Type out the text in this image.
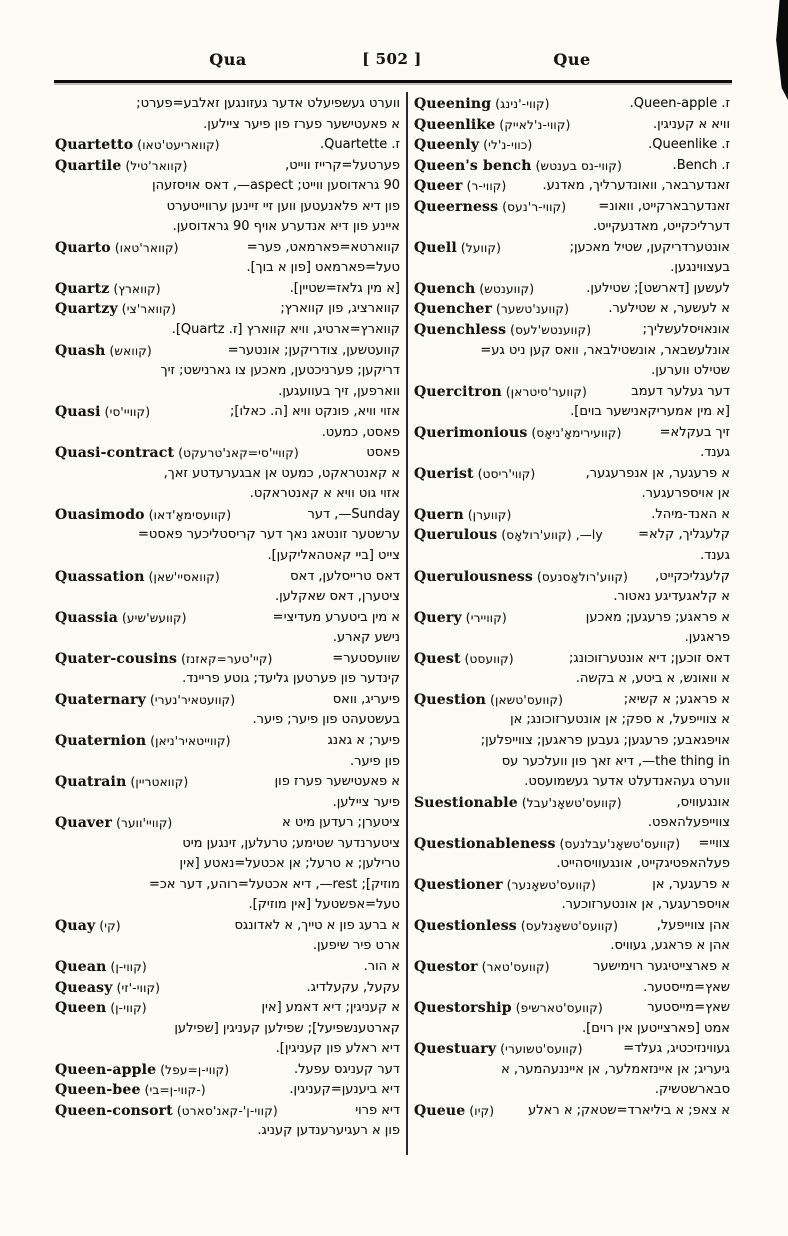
Qua	[ 502 ]	Que
ווערט געשפיעלט אדער געזונגען זאלבע=פערט;
א פאעטישער פערז פון פיער ציילען.
Quartetto (קוואריעט'טאו)	ז. Quartette.
Quartile (קוואר'טיל)	פערטעל=קרייז ווייט,
90 גראדוסען ווייט; ‎—aspect, דאס אויסזעהן
פון דיא פלאנעטען ווען זיי זיינען ערווייטערט
איינע פון דיא אנדערע אויף 90 גראדוסען.
Quarto (קוואר'טאו)	קווארטא=פארמאט, פער=
טעל=פארמאט [פון א בוך].
Quartz (קווארץ)	[א מין גלאז=שטיין].
Quartzy (קוואר'צי)	קווארציג, פון קווארץ;
קווארץ=ארטיג, וויא קווארץ [ז. Quartz].
Quash (קוואש)	קוועטשען, צודריקען; אונטער=
דריקען; פערניכטען, מאכען צו גארנישט; זיך
ווארפען, זיך בעוועגען.
Quasi (קוויי'סי)	אזוי וויא, פונקט וויא [ה. כאלו];
פאסט, כמעט.
Quasi-contract (קוויי'סי=קאנ'טרעקט)	פאסט
א קאנטראקט, כמעט אן אבגערעדטע זאך,
אזוי גוט וויא א קאנטראקט.
Ouasimodo (קוועסימאָ'דאו)	‎—Sunday, דער
ערשטער זונטאג נאך דער קריסטליכער פאסט=
צייט [ביי קאטהאליקען].
Quassation (קוואסיי'שאן)	דאס טרייסלען, דאס
ציטערן, דאס שאקלען.
Quassia (קוועש'שיע)	א מין ביטערע מעדיצי=
נישע קארע.
Quater-cousins (קיי'טער=קאזנז)	שוועסטער=
קינדער פון פערטען גליעד; גוטע פריינד.
Quaternary (קוועטאיר'נערי)	פיעריג, וואס
בעשטעהט פון פיער; פיער.
Quaternion (קווייטאיר'ניאן)	פיער; א גאנג
פון פיער.
Quatrain (קוואטריין)	א פאעטישער פערז פון
פיער ציילען.
Quaver (קוויי'ווער)	ציטערן; רעדען מיט א
ציטערנדער שטימע; טרעלען, זינגען מיט
טרילען; א טרעל; אן אכטעל=נאטע [אין
מוזיק]; ‎—rest, דיא אכטעל=רוהע, דער אכ=
טעל=אפשטעל [אין מוזיק].
Quay (קי)	א ברעג פון א טייך, א לאדונגס
ארט פיר שיפען.
Quean (קווי-ן)	א הור.
Queasy (קווי-'זי)	עקעל, עקעלדיג.
Queen (קווי-ן)	א קעניגין; דיא דאמע [אין
קארטענשפיעל]; שפילען קעניגין [שפילען
דיא ראלע פון קעניגין].
Queen-apple (קווי-ן=עפל)	דער קעניגס עפעל.
Queen-bee (קווי-ן=בי-)	דיא ביענען=קעניגין.
Queen-consort (קווי-ן'-קאנ'סארט)	דיא פרוי
פון א רעגיערענדען קעניג.
Queening (קווי-'נינג)	ז. Queen-apple.
Queenlike (קווי-נ'לאייק)	וויא א קעניגין.
Queenly (כווי-נ'לי)	ז. Queenlike.
Queen's bench (קווי-נס בענטש)	ז. Bench.
Queer (קווי-ר)	זאנדערבאר, וואונדערליך, מאדנע.
Queerness (קווי-ר'נעס)	זאנדערבארקייט, וואונ=
דערליכקייט, מאדנעקייט.
Quell (קוועל)	אונטערדריקען, שטיל מאכען;
בעצווינגען.
Quench (קווענטש)	לעשען [דארשט]; שטילען.
Quencher (קווענ'טשער)	א לעשער, א שטילער.
Quenchless (קווענטש'לעס)	אונאויסלעשליך;
אונלעשבאר, אונשטילבאר, וואס קען ניט גע=
שטילט ווערען.
Quercitron (קווער'סיטראן)	דער געלער דעמב
[א מין אמעריקאנישער בוים].
Querimonious (קוועירימאָ'ניאָס)	זיך בעקלא=
גענד.
Querist (קווי'ריסט)	א פרעגער, אן אנפרעגער,
אן אויספרעגער.
Quern (קווערן)	א האנד-מיהל.
Querulous (קווע'רולאָס) ,‎—ly	קלעגליך, קלא=
גענד.
Querulousness (קווע'רולאָסנעס)	קלעגליכקייט,
א קלאגעדיגע נאטור.
Query (קוויירי)	א פראגע; פרעגען; מאכען
פראגען.
Quest (קוועסט)	דאס זוכען; דיא אונטערזוכונג;
א וואונש, א ביטע, א בקשה.
Question (קוועס'טשאן)	א פראגע; א קשיא;
א צווייפעל, א ספק; אן אונטערזוכונג; אן
אויפגאבע; פרעגען; געבען פראגען; צווייפלען;
‎—the thing in, דיא זאך פון וועלכער עס
ווערט געהאנדעלט אדער געשמועסט.
Suestionable (קוועס'טשאָנ'עבל)	אונגעוויס,
צווייפעלהאפט.
Questionableness (קוועס'טשאָנ'עבלנעס)	צוויי=
פעלהאפטיגקייט, אונגעוויסהייט.
Questioner (קוועס'טשאָנער)	א פרעגער, אן
אויספרעגער, אן אונטערזוכער.
Questionless (קוועס'טשאָנלעס)	אהן צווייפעל,
אהן א פראגע, געוויס.
Questor (קוועס'טאר)	א פארצייטיגער רוימישער
שאץ=מייסטער.
Questorship (קוועס'טארשיפ)	שאץ=מייסטער
אמט [פארצייטען אין רוים].
Questuary (קוועס'טשוערי)	געווינזיכטיג, געלד=
גיעריג; אן איינזאמלער, אן אייננעהמער, א
סבארשטשיק.
Queue (קיו)	א צאפ; א ביליארד=שטאק; א ראלע
